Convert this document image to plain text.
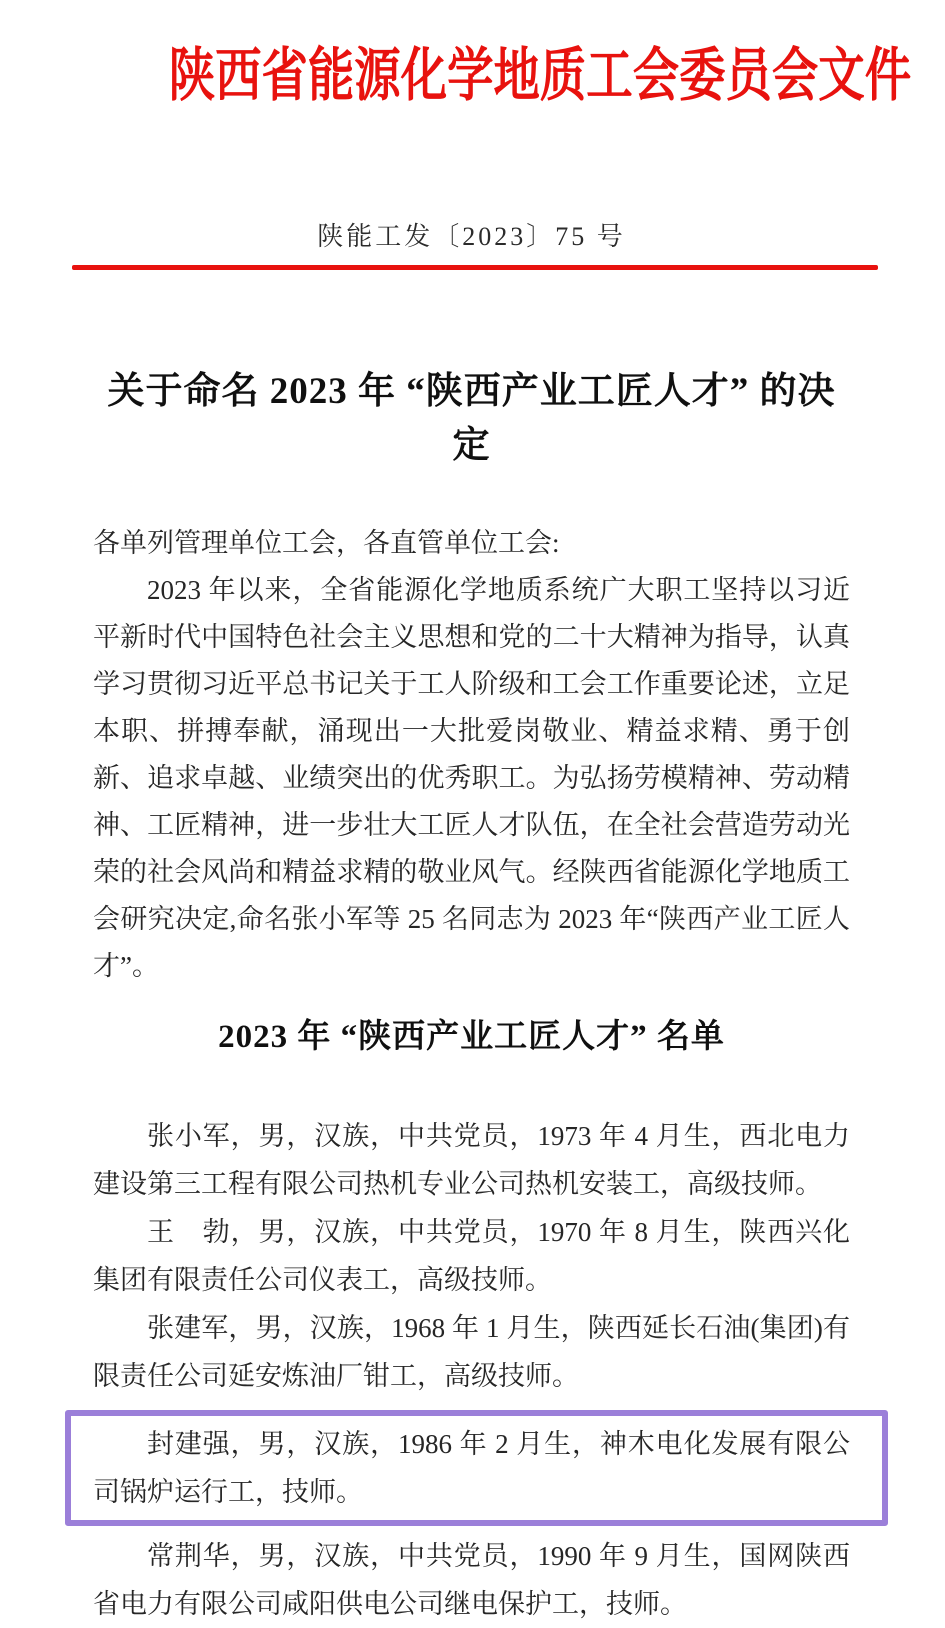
陕西省能源化学地质工会委员会文件
陕能工发〔2023〕75 号
关于命名 2023 年 “陕西产业工匠人才” 的决定

各单列管理单位工会，各直管单位工会:

2023 年以来，全省能源化学地质系统广大职工坚持以习近平新时代中国特色社会主义思想和党的二十大精神为指导，认真学习贯彻习近平总书记关于工人阶级和工会工作重要论述，立足本职、拼搏奉献，涌现出一大批爱岗敬业、精益求精、勇于创新、追求卓越、业绩突出的优秀职工。为弘扬劳模精神、劳动精神、工匠精神，进一步壮大工匠人才队伍，在全社会营造劳动光荣的社会风尚和精益求精的敬业风气。经陕西省能源化学地质工会研究决定,命名张小军等 25 名同志为 2023 年“陕西产业工匠人才”。

2023 年 “陕西产业工匠人才” 名单

张小军，男，汉族，中共党员，1973 年 4 月生，西北电力建设第三工程有限公司热机专业公司热机安装工，高级技师。

王　勃，男，汉族，中共党员，1970 年 8 月生，陕西兴化集团有限责任公司仪表工，高级技师。

张建军，男，汉族，1968 年 1 月生，陕西延长石油(集团)有限责任公司延安炼油厂钳工，高级技师。

封建强，男，汉族，1986 年 2 月生，神木电化发展有限公司锅炉运行工，技师。

常荆华，男，汉族，中共党员，1990 年 9 月生，国网陕西省电力有限公司咸阳供电公司继电保护工，技师。
